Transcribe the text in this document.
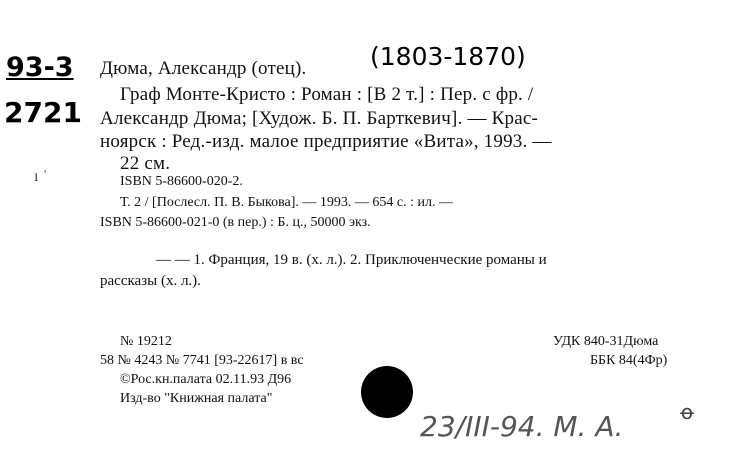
93-3
2721
Дюма, Александр (отец).	(1803-1870)
Граф Монте-Кристо : Роман : [В 2 т.] : Пер. с фр. /
Александр Дюма; [Худож. Б. П. Барткевич]. — Крас-
ноярск : Ред.-изд. малое предприятие «Вита», 1993. —
22 см.
ı ˈ	ISBN 5-86600-020-2.
Т. 2 / [Послесл. П. В. Быкова]. — 1993. — 654 с. : ил. —
ISBN 5-86600-021-0 (в пер.) : Б. ц., 50000 экз.
— — 1. Франция, 19 в. (х. л.). 2. Приключенческие романы и
рассказы (х. л.).
№ 19212
58 № 4243 № 7741 [93-22617] в вс
©Рос.кн.палата 02.11.93 Д96
Изд-во "Книжная палата"
УДК 840-31Дюма
ББК 84(4Фр)
23/III-94. М. А.	ꝋ
